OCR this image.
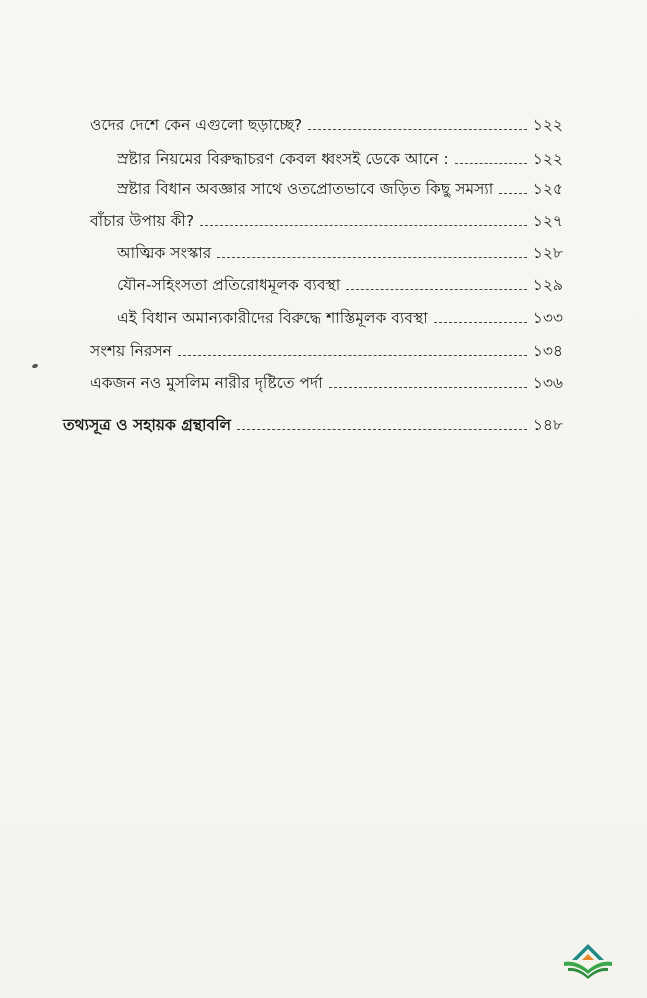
ওদের দেশে কেন এগুলো ছড়াচ্ছে?	১২২
স্রষ্টার নিয়মের বিরুদ্ধাচরণ কেবল ধ্বংসই ডেকে আনে :	১২২
স্রষ্টার বিধান অবজ্ঞার সাথে ওতপ্রোতভাবে জড়িত কিছু সমস্যা	১২৫
বাঁচার উপায় কী?	১২৭
আত্মিক সংস্কার	১২৮
যৌন-সহিংসতা প্রতিরোধমূলক ব্যবস্থা	১২৯
এই বিধান অমান্যকারীদের বিরুদ্ধে শাস্তিমূলক ব্যবস্থা	১৩৩
সংশয় নিরসন	১৩৪
একজন নও মুসলিম নারীর দৃষ্টিতে পর্দা	১৩৬
তথ্যসূত্র ও সহায়ক গ্রন্থাবলি	১৪৮
